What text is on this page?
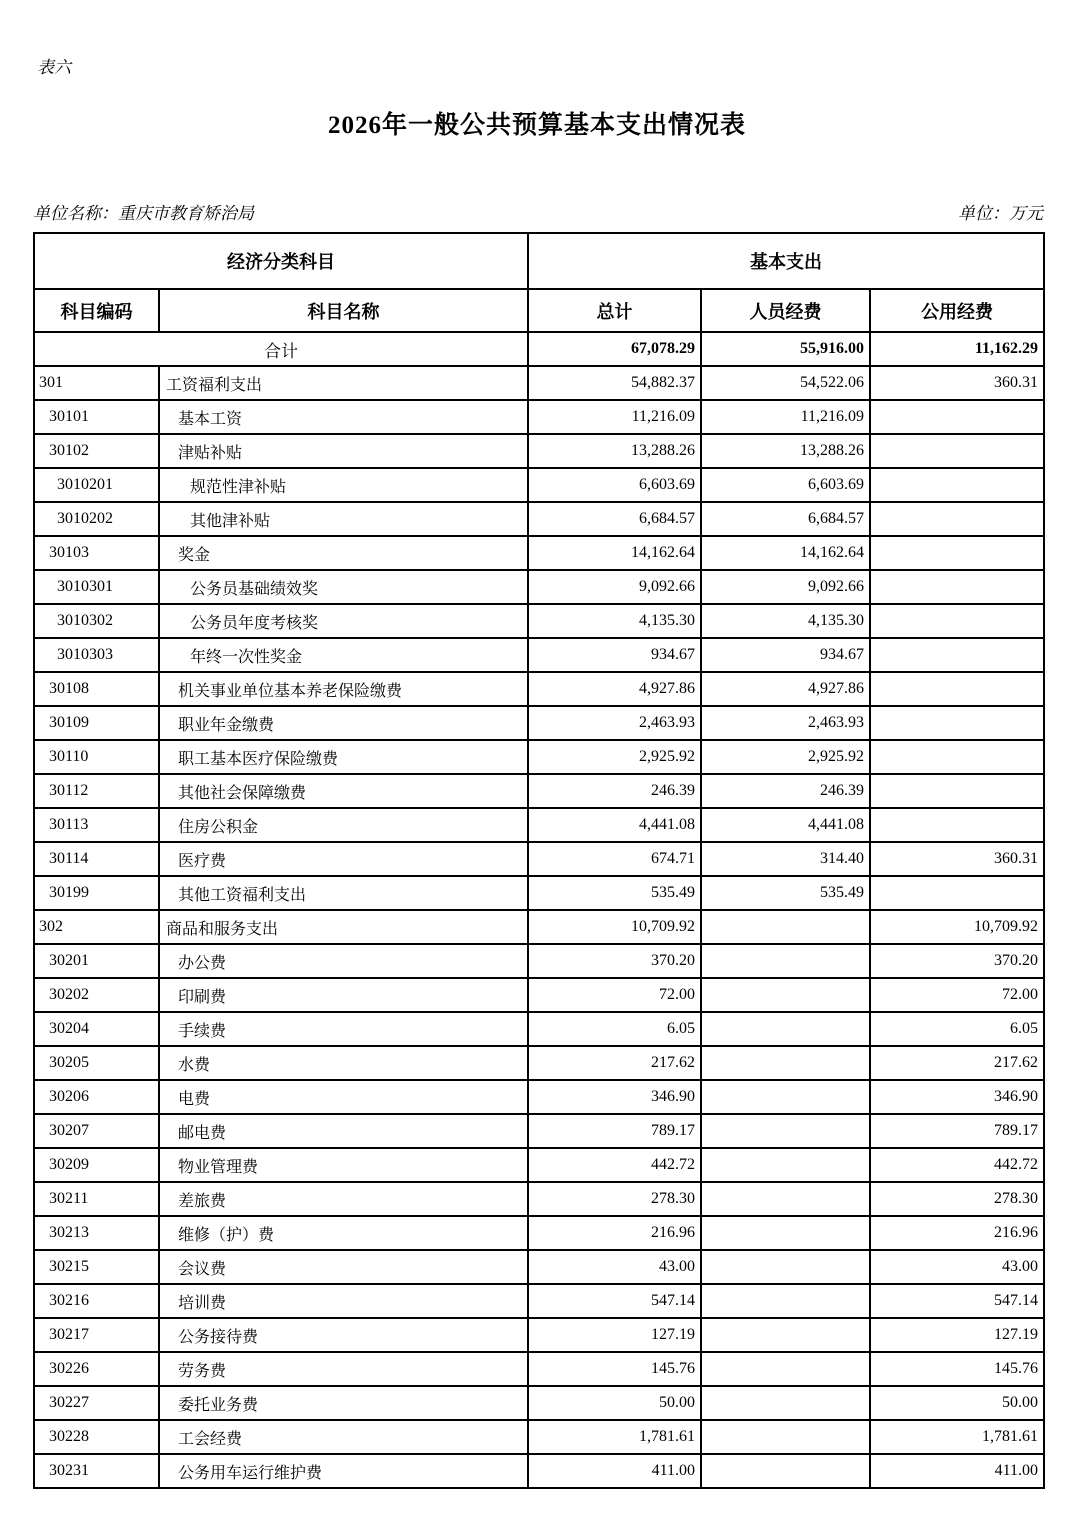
表六
2026年一般公共预算基本支出情况表
单位名称：重庆市教育矫治局	单位：万元
经济分类科目		基本支出		
科目编码	科目名称	总计	人员经费	公用经费
合计		67,078.29	55,916.00	11,162.29
301	工资福利支出	54,882.37	54,522.06	360.31
30101	基本工资	11,216.09	11,216.09	
30102	津贴补贴	13,288.26	13,288.26	
3010201	规范性津补贴	6,603.69	6,603.69	
3010202	其他津补贴	6,684.57	6,684.57	
30103	奖金	14,162.64	14,162.64	
3010301	公务员基础绩效奖	9,092.66	9,092.66	
3010302	公务员年度考核奖	4,135.30	4,135.30	
3010303	年终一次性奖金	934.67	934.67	
30108	机关事业单位基本养老保险缴费	4,927.86	4,927.86	
30109	职业年金缴费	2,463.93	2,463.93	
30110	职工基本医疗保险缴费	2,925.92	2,925.92	
30112	其他社会保障缴费	246.39	246.39	
30113	住房公积金	4,441.08	4,441.08	
30114	医疗费	674.71	314.40	360.31
30199	其他工资福利支出	535.49	535.49	
302	商品和服务支出	10,709.92		10,709.92
30201	办公费	370.20		370.20
30202	印刷费	72.00		72.00
30204	手续费	6.05		6.05
30205	水费	217.62		217.62
30206	电费	346.90		346.90
30207	邮电费	789.17		789.17
30209	物业管理费	442.72		442.72
30211	差旅费	278.30		278.30
30213	维修（护）费	216.96		216.96
30215	会议费	43.00		43.00
30216	培训费	547.14		547.14
30217	公务接待费	127.19		127.19
30226	劳务费	145.76		145.76
30227	委托业务费	50.00		50.00
30228	工会经费	1,781.61		1,781.61
30231	公务用车运行维护费	411.00		411.00
